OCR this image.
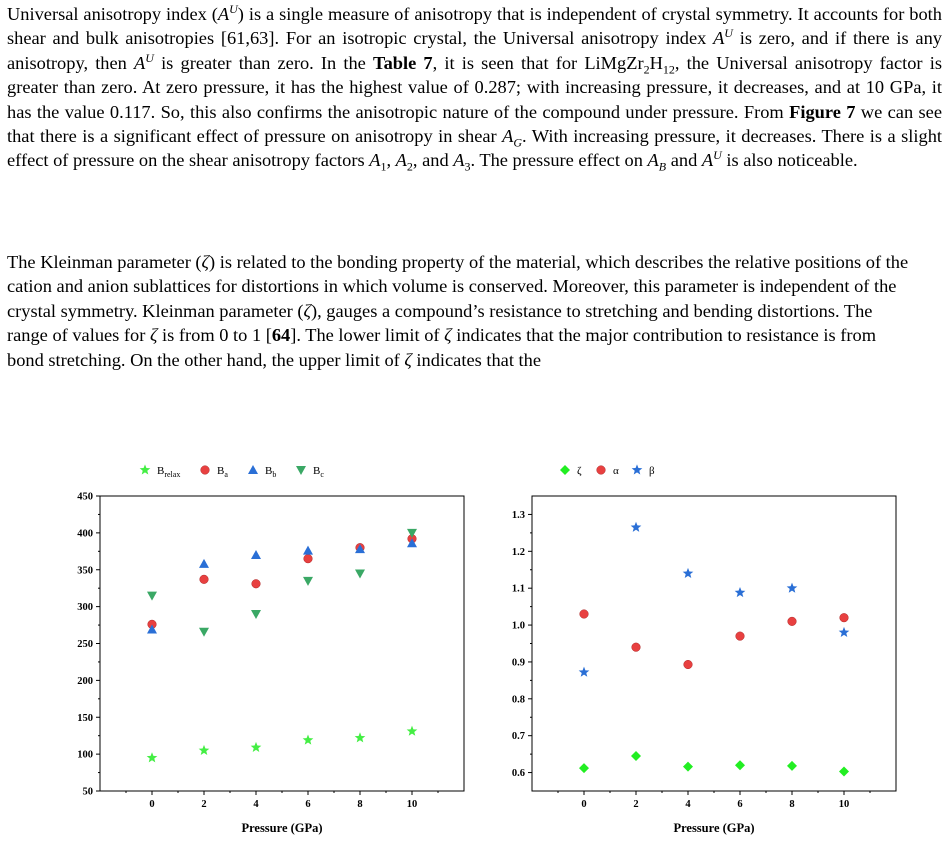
Universal anisotropy index $(A^U)$ is a single measure of anisotropy that is independent of crystal symmetry. It accounts for both shear and bulk anisotropies [61,63]. For an isotropic crystal, the Universal anisotropy index $A^U$ is zero, and if there is any anisotropy, then $A^U$ is greater than zero. In the Table 7, it is seen that for $LiMgZr_2H_{12}$, the Universal anisotropy factor is greater than zero. At zero pressure, it has the highest value of 0.287; with increasing pressure, it decreases, and at 10 GPa, it has the value 0.117. So, this also confirms the anisotropic nature of the compound under pressure. From Figure 7 we can see that there is a significant effect of pressure on anisotropy in shear $A_G$. With increasing pressure, it decreases. There is a slight effect of pressure on the shear anisotropy factors $A_1$, $A_2$, and $A_3$. The pressure effect on $A_B$ and $A^U$ is also noticeable.

The Kleinman parameter (ζ) is related to the bonding property of the material, which describes the relative positions of the cation and anion sublattices for distortions in which volume is conserved. Moreover, this parameter is independent of the crystal symmetry. Kleinman parameter (ζ), gauges a compound’s resistance to stretching and bending distortions. The range of values for ζ is from 0 to 1 [64]. The lower limit of ζ indicates that the major contribution to resistance is from bond stretching. On the other hand, the upper limit of ζ indicates that the

50
100
150
200
250
300
350
400
450
0	2	4	6	8	10
Pressure (GPa)
$B_{relax}$	$B_a$	$B_b$	$B_c$
0.6
0.7
0.8
0.9
1.0
1.1
1.2
1.3
0	2	4	6	8	10
Pressure (GPa)
ζ	α	β
